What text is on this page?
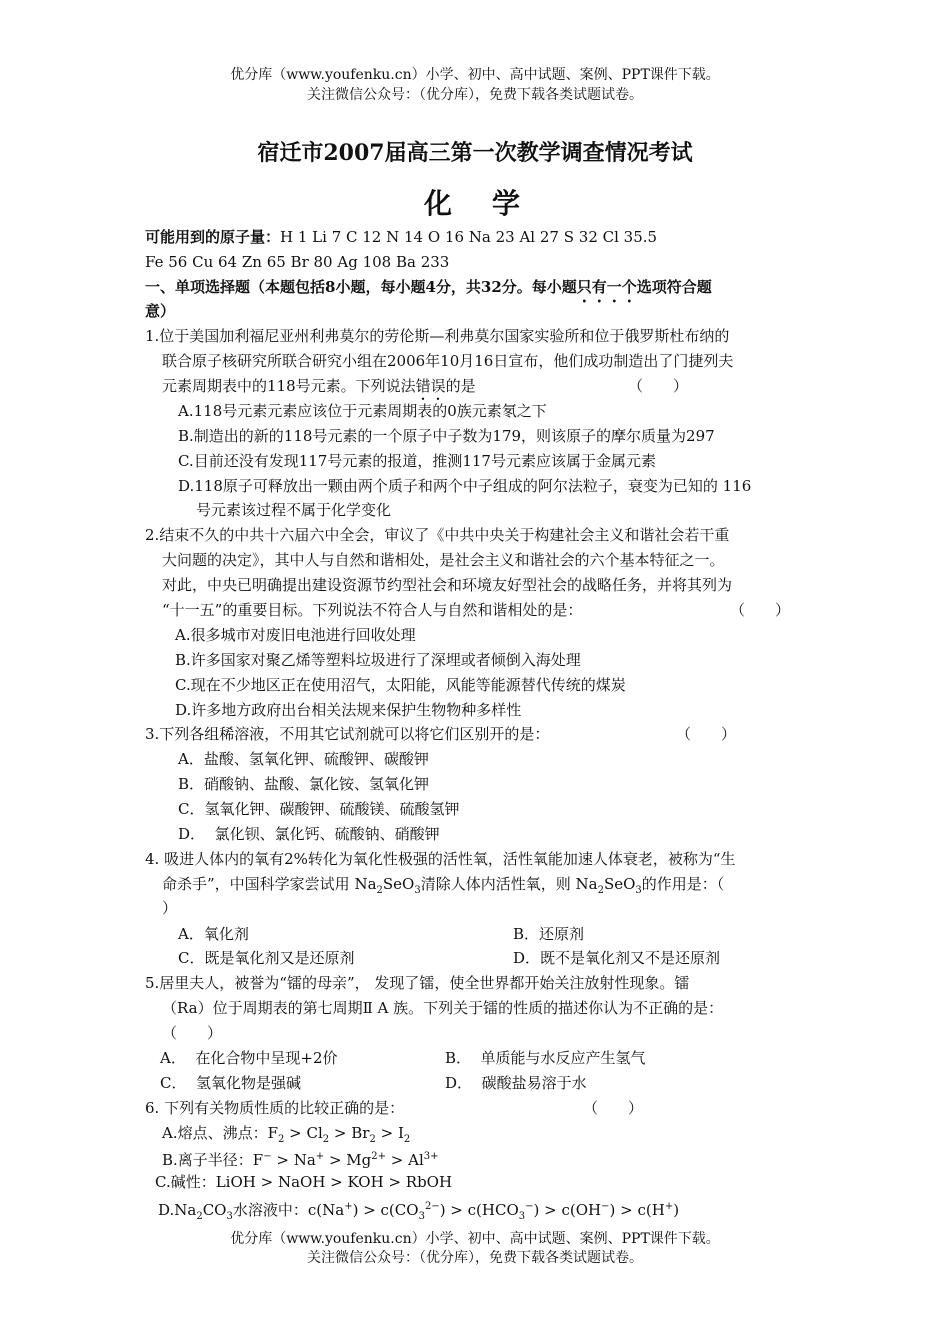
优分库（www.youfenku.cn）小学、初中、高中试题、案例、PPT课件下载。
关注微信公众号：（优分库），免费下载各类试题试卷。
宿迁市2007届高三第一次教学调查情况考试
化　学
可能用到的原子量：H 1 Li 7 C 12 N 14 O 16 Na 23 Al 27 S 32 Cl 35.5
Fe 56 Cu 64 Zn 65 Br 80 Ag 108 Ba 233
一、单项选择题（本题包括8小题，每小题4分，共32分。每小题只有一个选项符合题
意）
1.位于美国加利福尼亚州利弗莫尔的劳伦斯—利弗莫尔国家实验所和位于俄罗斯杜布纳的
联合原子核研究所联合研究小组在2006年10月16日宣布，他们成功制造出了门捷列夫
元素周期表中的118号元素。下列说法错误的是	（　　）
A.118号元素元素应该位于元素周期表的0族元素氡之下
B.制造出的新的118号元素的一个原子中子数为179，则该原子的摩尔质量为297
C.目前还没有发现117号元素的报道，推测117号元素应该属于金属元素
D.118原子可释放出一颗由两个质子和两个中子组成的阿尔法粒子，衰变为已知的 116
号元素该过程不属于化学变化
2.结束不久的中共十六届六中全会，审议了《中共中央关于构建社会主义和谐社会若干重
大问题的决定》，其中人与自然和谐相处，是社会主义和谐社会的六个基本特征之一。
对此，中央已明确提出建设资源节约型社会和环境友好型社会的战略任务，并将其列为
“十一五”的重要目标。下列说法不符合人与自然和谐相处的是：	（　　）
A.很多城市对废旧电池进行回收处理
B.许多国家对聚乙烯等塑料垃圾进行了深埋或者倾倒入海处理
C.现在不少地区正在使用沼气，太阳能，风能等能源替代传统的煤炭
D.许多地方政府出台相关法规来保护生物物种多样性
3.下列各组稀溶液，不用其它试剂就可以将它们区别开的是：	（　　）
A．盐酸、氢氧化钾、硫酸钾、碳酸钾
B．硝酸钠、盐酸、氯化铵、氢氧化钾
C．氢氧化钾、碳酸钾、硫酸镁、硫酸氢钾
D．  氯化钡、氯化钙、硫酸钠、硝酸钾
4. 吸进人体内的氧有2%转化为氧化性极强的活性氧，活性氧能加速人体衰老，被称为“生
命杀手”，中国科学家尝试用 $Na_2SeO_3$清除人体内活性氧，则 $Na_2SeO_3$的作用是：（
）
A．氧化剂	B．还原剂
C．既是氧化剂又是还原剂	D．既不是氧化剂又不是还原剂
5.居里夫人，被誉为“镭的母亲”， 发现了镭，使全世界都开始关注放射性现象。镭
（Ra）位于周期表的第七周期Ⅱ A 族。下列关于镭的性质的描述你认为不正确的是：
（　　）
A．  在化合物中呈现+2价	B．  单质能与水反应产生氢气
C．  氢氧化物是强碱	D．  碳酸盐易溶于水
6. 下列有关物质性质的比较正确的是：	（　　）
A.熔点、沸点：$F_2 > Cl_2 > Br_2 > I_2$
B.离子半径：$F^- > Na^+ > Mg^{2+} > Al^{3+}$
C.碱性：LiOH > NaOH > KOH > RbOH
$D.Na_2CO_3$水溶液中：$c(Na^+) > c(CO_3^{2-}) > c(HCO_3^-) > c(OH^-) > c(H^+)$
优分库（www.youfenku.cn）小学、初中、高中试题、案例、PPT课件下载。
关注微信公众号：（优分库），免费下载各类试题试卷。
